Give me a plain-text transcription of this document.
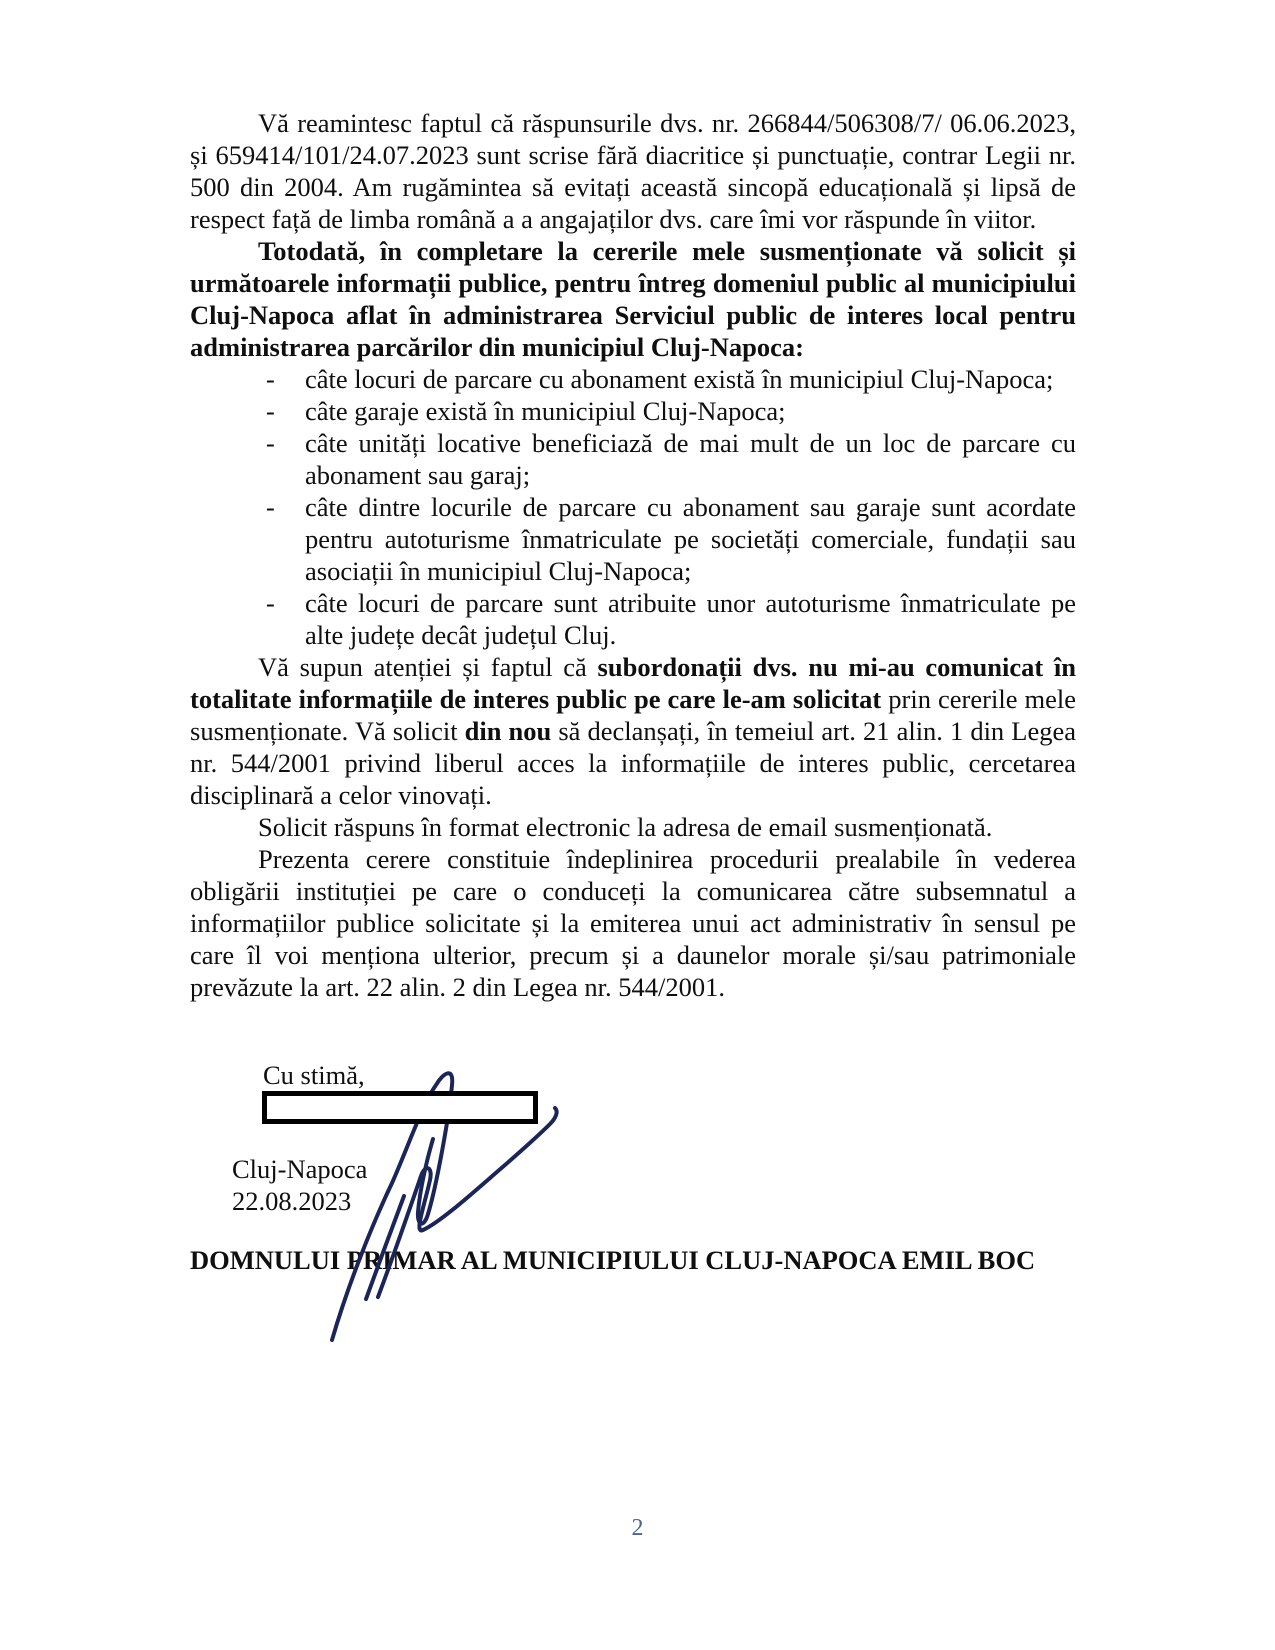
Vă reamintesc faptul că răspunsurile dvs. nr. 266844/506308/7/ 06.06.2023, și 659414/101/24.07.2023 sunt scrise fără diacritice și punctuație, contrar Legii nr. 500 din 2004. Am rugămintea să evitați această sincopă educațională și lipsă de respect față de limba română a a angajaților dvs. care îmi vor răspunde în viitor.

Totodată, în completare la cererile mele susmenționate vă solicit și următoarele informații publice, pentru întreg domeniul public al municipiului Cluj-Napoca aflat în administrarea Serviciul public de interes local pentru administrarea parcărilor din municipiul Cluj-Napoca:

- câte locuri de parcare cu abonament există în municipiul Cluj-Napoca;
- câte garaje există în municipiul Cluj-Napoca;
- câte unități locative beneficiază de mai mult de un loc de parcare cu abonament sau garaj;
- câte dintre locurile de parcare cu abonament sau garaje sunt acordate pentru autoturisme înmatriculate pe societăți comerciale, fundații sau asociații în municipiul Cluj-Napoca;
- câte locuri de parcare sunt atribuite unor autoturisme înmatriculate pe alte județe decât județul Cluj.

Vă supun atenției și faptul că subordonații dvs. nu mi-au comunicat în totalitate informațiile de interes public pe care le-am solicitat prin cererile mele susmenționate. Vă solicit din nou să declanșați, în temeiul art. 21 alin. 1 din Legea nr. 544/2001 privind liberul acces la informațiile de interes public, cercetarea disciplinară a celor vinovați.

Solicit răspuns în format electronic la adresa de email susmenționată.

Prezenta cerere constituie îndeplinirea procedurii prealabile în vederea obligării instituției pe care o conduceți la comunicarea către subsemnatul a informațiilor publice solicitate și la emiterea unui act administrativ în sensul pe care îl voi menționa ulterior, precum și a daunelor morale și/sau patrimoniale prevăzute la art. 22 alin. 2 din Legea nr. 544/2001.

Cu stimă,
Cluj-Napoca
22.08.2023
DOMNULUI PRIMAR AL MUNICIPIULUI CLUJ-NAPOCA EMIL BOC
2
